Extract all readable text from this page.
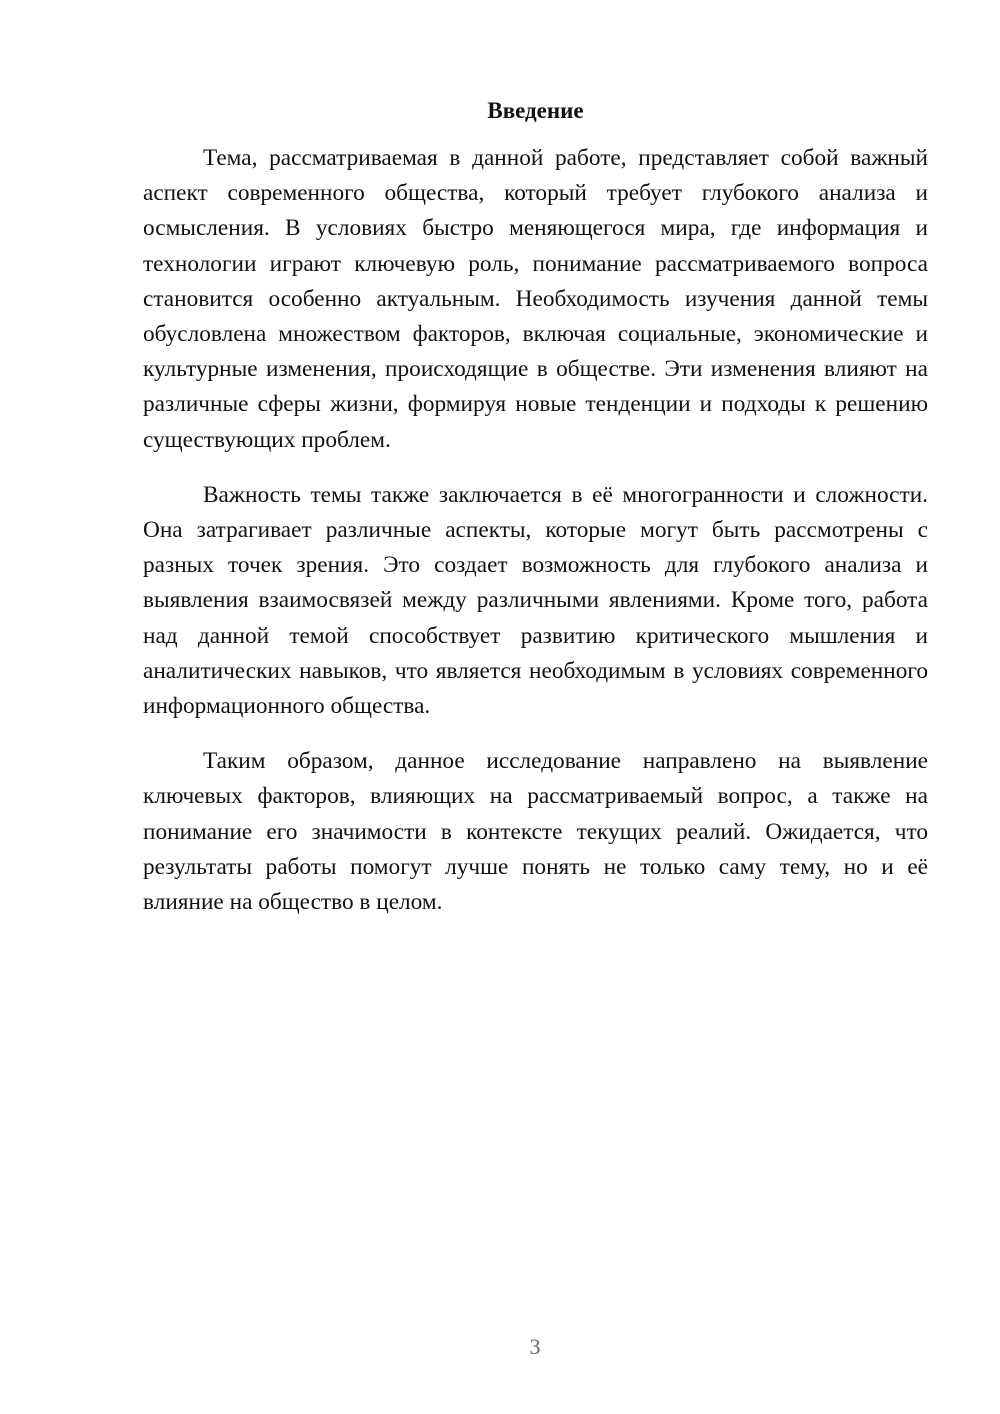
Введение

Тема, рассматриваемая в данной работе, представляет собой важный аспект современного общества, который требует глубокого анализа и осмысления. В условиях быстро меняющегося мира, где информация и технологии играют ключевую роль, понимание рассматриваемого вопроса становится особенно актуальным. Необходимость изучения данной темы обусловлена множеством факторов, включая социальные, экономические и культурные изменения, происходящие в обществе. Эти изменения влияют на различные сферы жизни, формируя новые тенденции и подходы к решению существующих проблем.

Важность темы также заключается в её многогранности и сложности. Она затрагивает различные аспекты, которые могут быть рассмотрены с разных точек зрения. Это создает возможность для глубокого анализа и выявления взаимосвязей между различными явлениями. Кроме того, работа над данной темой способствует развитию критического мышления и аналитических навыков, что является необходимым в условиях современного информационного общества.

Таким образом, данное исследование направлено на выявление ключевых факторов, влияющих на рассматриваемый вопрос, а также на понимание его значимости в контексте текущих реалий. Ожидается, что результаты работы помогут лучше понять не только саму тему, но и её влияние на общество в целом.

3
